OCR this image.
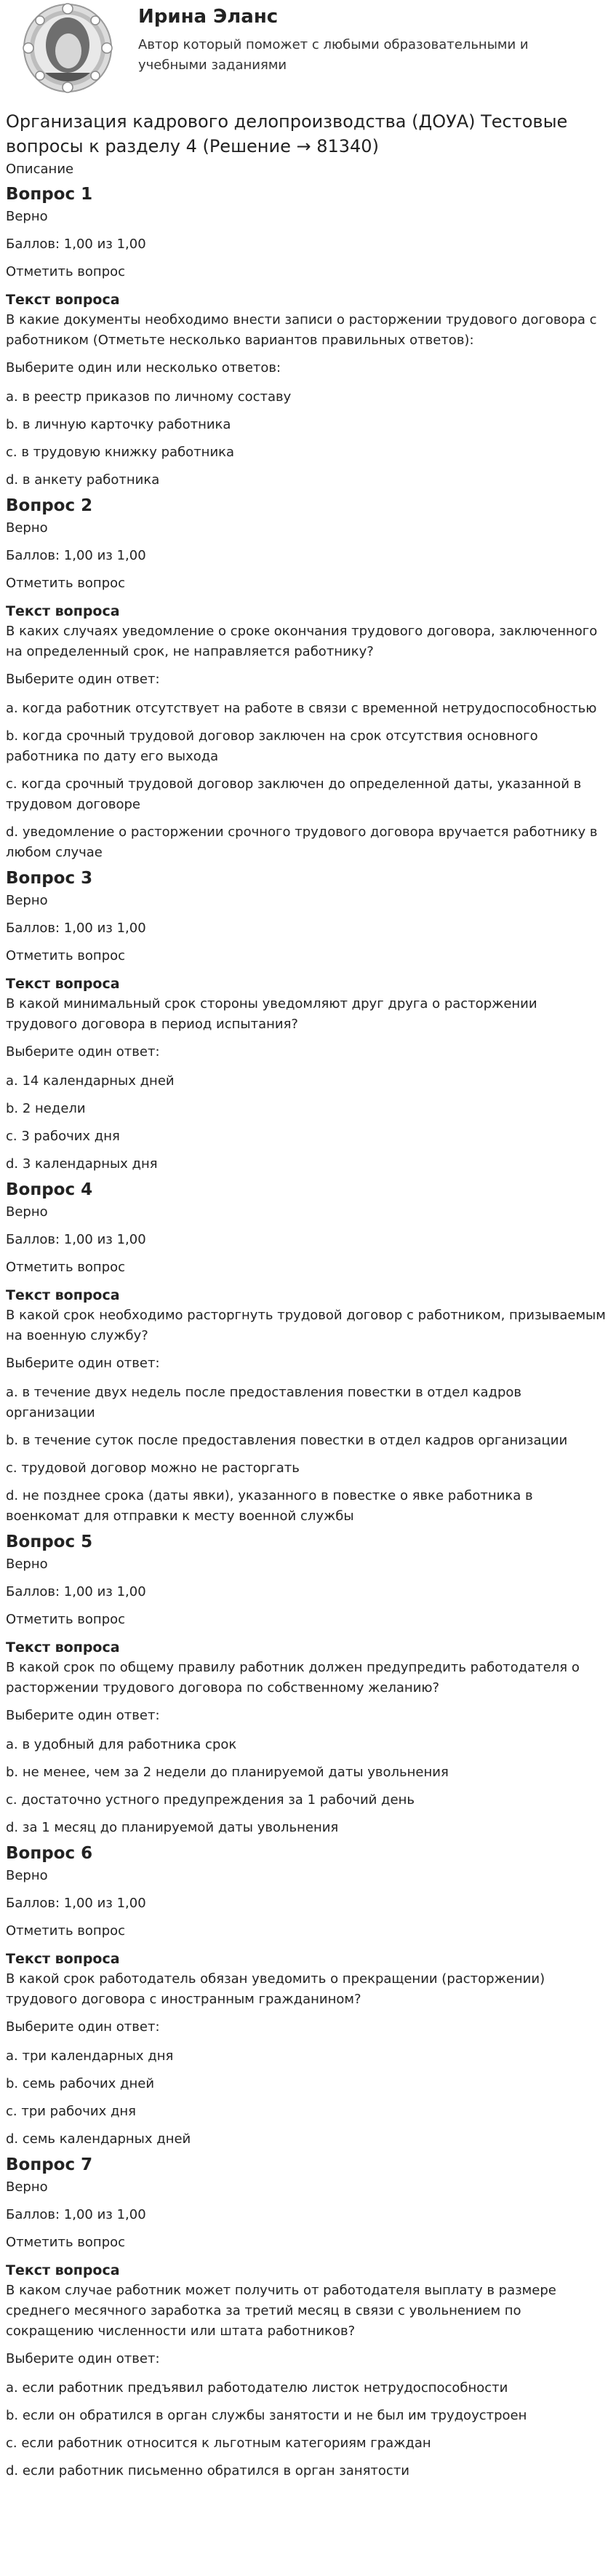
Ирина Эланс
Автор который поможет с любыми образовательными и учебными заданиями
Организация кадрового делопроизводства (ДОУА) Тестовые вопросы к разделу 4 (Решение → 81340)
Описание
Вопрос 1
Верно
Баллов: 1,00 из 1,00
Отметить вопрос
Текст вопроса
В какие документы необходимо внести записи о расторжении трудового договора с работником (Отметьте несколько вариантов правильных ответов):
Выберите один или несколько ответов:
a. в реестр приказов по личному составу
b. в личную карточку работника
c. в трудовую книжку работника
d. в анкету работника
Вопрос 2
Верно
Баллов: 1,00 из 1,00
Отметить вопрос
Текст вопроса
В каких случаях уведомление о сроке окончания трудового договора, заключенного на определенный срок, не направляется работнику?
Выберите один ответ:
a. когда работник отсутствует на работе в связи с временной нетрудоспособностью
b. когда срочный трудовой договор заключен на срок отсутствия основного работника по дату его выхода
c. когда срочный трудовой договор заключен до определенной даты, указанной в трудовом договоре
d. уведомление о расторжении срочного трудового договора вручается работнику в любом случае
Вопрос 3
Верно
Баллов: 1,00 из 1,00
Отметить вопрос
Текст вопроса
В какой минимальный срок стороны уведомляют друг друга о расторжении трудового договора в период испытания?
Выберите один ответ:
a. 14 календарных дней
b. 2 недели
c. 3 рабочих дня
d. 3 календарных дня
Вопрос 4
Верно
Баллов: 1,00 из 1,00
Отметить вопрос
Текст вопроса
В какой срок необходимо расторгнуть трудовой договор с работником, призываемым на военную службу?
Выберите один ответ:
a. в течение двух недель после предоставления повестки в отдел кадров организации
b. в течение суток после предоставления повестки в отдел кадров организации
c. трудовой договор можно не расторгать
d. не позднее срока (даты явки), указанного в повестке о явке работника в военкомат для отправки к месту военной службы
Вопрос 5
Верно
Баллов: 1,00 из 1,00
Отметить вопрос
Текст вопроса
В какой срок по общему правилу работник должен предупредить работодателя о расторжении трудового договора по собственному желанию?
Выберите один ответ:
a. в удобный для работника срок
b. не менее, чем за 2 недели до планируемой даты увольнения
c. достаточно устного предупреждения за 1 рабочий день
d. за 1 месяц до планируемой даты увольнения
Вопрос 6
Верно
Баллов: 1,00 из 1,00
Отметить вопрос
Текст вопроса
В какой срок работодатель обязан уведомить о прекращении (расторжении) трудового договора с иностранным гражданином?
Выберите один ответ:
a. три календарных дня
b. семь рабочих дней
c. три рабочих дня
d. семь календарных дней
Вопрос 7
Верно
Баллов: 1,00 из 1,00
Отметить вопрос
Текст вопроса
В каком случае работник может получить от работодателя выплату в размере среднего месячного заработка за третий месяц в связи с увольнением по сокращению численности или штата работников?
Выберите один ответ:
a. если работник предъявил работодателю листок нетрудоспособности
b. если он обратился в орган службы занятости и не был им трудоустроен
c. если работник относится к льготным категориям граждан
d. если работник письменно обратился в орган занятости
